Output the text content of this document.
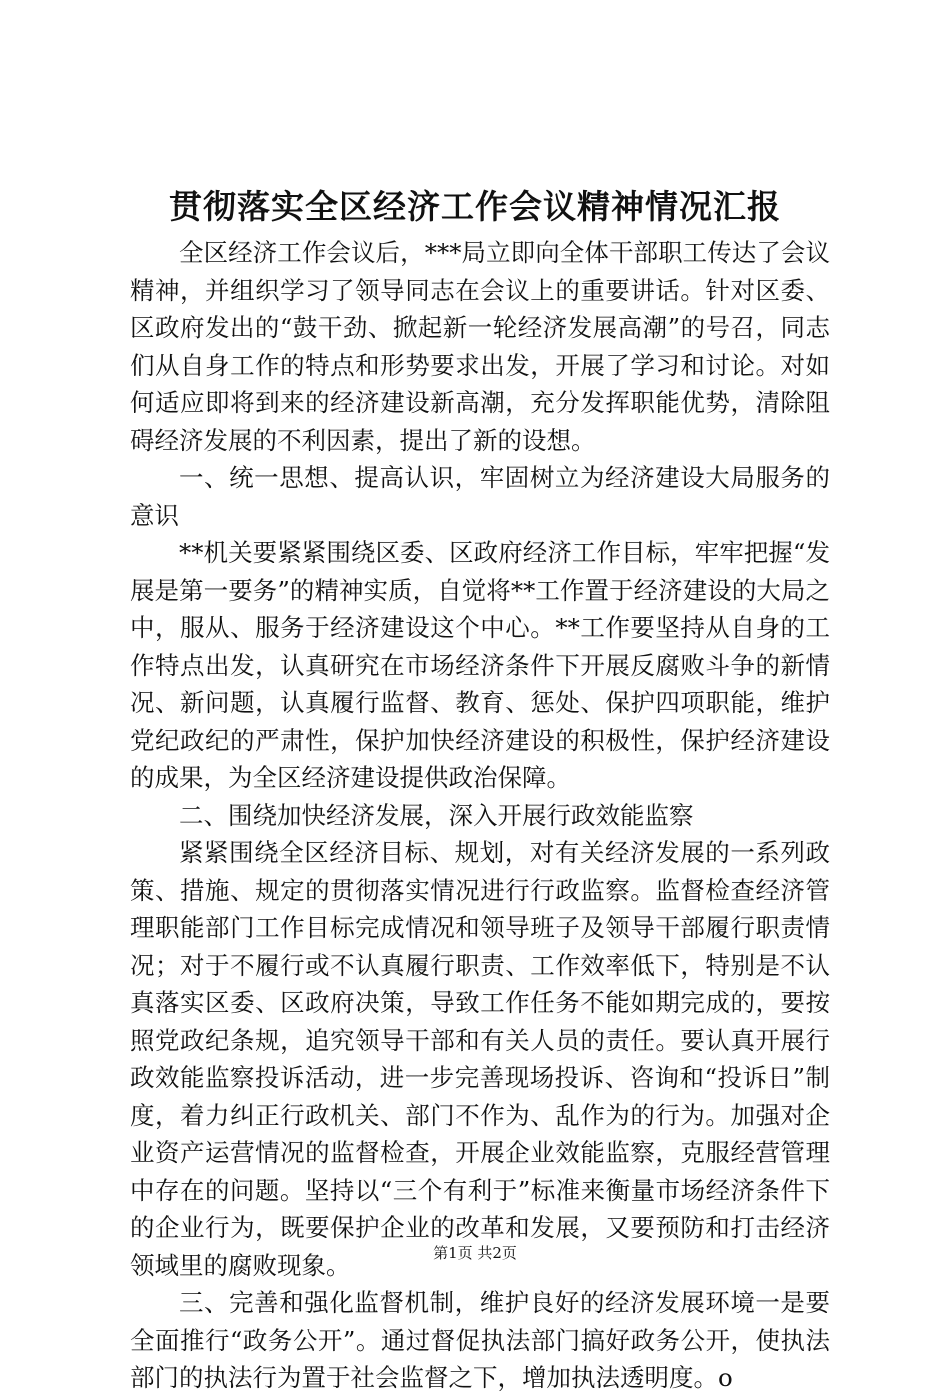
贯彻落实全区经济工作会议精神情况汇报

全区经济工作会议后，***局立即向全体干部职工传达了会议精神，并组织学习了领导同志在会议上的重要讲话。针对区委、区政府发出的“鼓干劲、掀起新一轮经济发展高潮”的号召，同志们从自身工作的特点和形势要求出发，开展了学习和讨论。对如何适应即将到来的经济建设新高潮，充分发挥职能优势，清除阻碍经济发展的不利因素，提出了新的设想。

一、统一思想、提高认识，牢固树立为经济建设大局服务的意识

**机关要紧紧围绕区委、区政府经济工作目标，牢牢把握“发展是第一要务”的精神实质，自觉将**工作置于经济建设的大局之中，服从、服务于经济建设这个中心。**工作要坚持从自身的工作特点出发，认真研究在市场经济条件下开展反腐败斗争的新情况、新问题，认真履行监督、教育、惩处、保护四项职能，维护党纪政纪的严肃性，保护加快经济建设的积极性，保护经济建设的成果，为全区经济建设提供政治保障。

二、围绕加快经济发展，深入开展行政效能监察

紧紧围绕全区经济目标、规划，对有关经济发展的一系列政策、措施、规定的贯彻落实情况进行行政监察。监督检查经济管理职能部门工作目标完成情况和领导班子及领导干部履行职责情况；对于不履行或不认真履行职责、工作效率低下，特别是不认真落实区委、区政府决策，导致工作任务不能如期完成的，要按照党政纪条规，追究领导干部和有关人员的责任。要认真开展行政效能监察投诉活动，进一步完善现场投诉、咨询和“投诉日”制度，着力纠正行政机关、部门不作为、乱作为的行为。加强对企业资产运营情况的监督检查，开展企业效能监察，克服经营管理中存在的问题。坚持以“三个有利于”标准来衡量市场经济条件下的企业行为，既要保护企业的改革和发展，又要预防和打击经济领域里的腐败现象。

三、完善和强化监督机制，维护良好的经济发展环境一是要全面推行“政务公开”。通过督促执法部门搞好政务公开，使执法部门的执法行为置于社会监督之下，增加执法透明度。o

第1页 共2页
